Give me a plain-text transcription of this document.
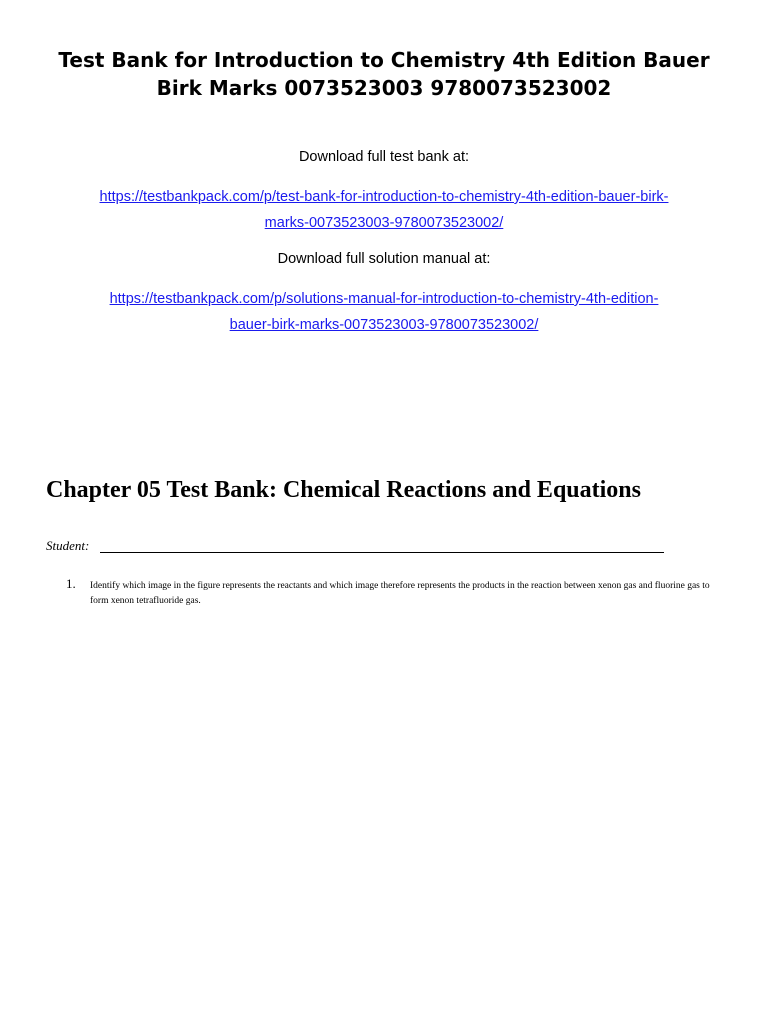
Test Bank for Introduction to Chemistry 4th Edition Bauer Birk Marks 0073523003 9780073523002
Download full test bank at:
https://testbankpack.com/p/test-bank-for-introduction-to-chemistry-4th-edition-bauer-birk-
marks-0073523003-9780073523002/
Download full solution manual at:
https://testbankpack.com/p/solutions-manual-for-introduction-to-chemistry-4th-edition-
bauer-birk-marks-0073523003-9780073523002/
Chapter 05 Test Bank: Chemical Reactions and Equations
Student:
1. Identify which image in the figure represents the reactants and which image therefore represents the products in the reaction between xenon gas and fluorine gas to form xenon tetrafluoride gas.
